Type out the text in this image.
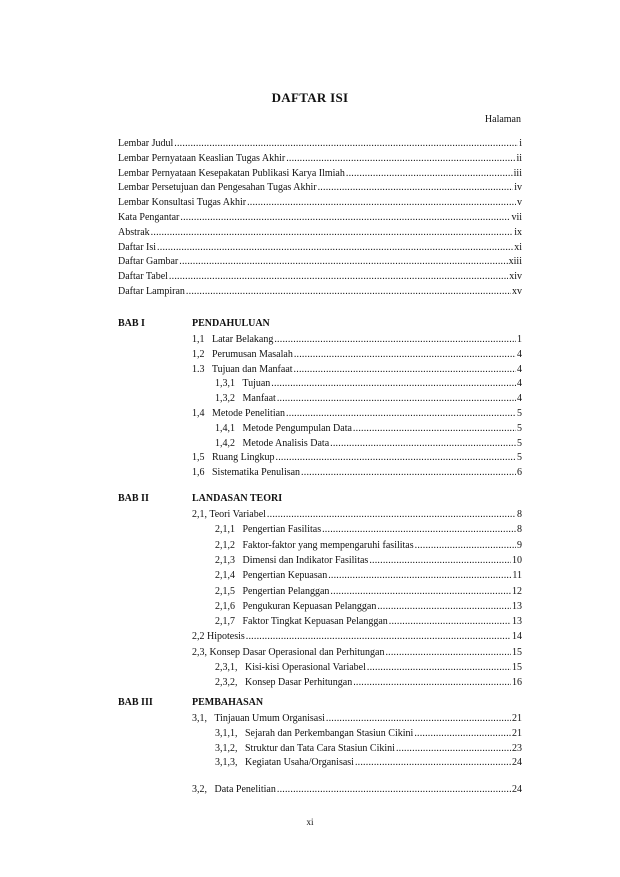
DAFTAR ISI
Halaman
Lembar Judul .....	i
Lembar Pernyataan Keaslian Tugas Akhir .....	ii
Lembar Pernyataan Kesepakatan Publikasi Karya Ilmiah .....	iii
Lembar Persetujuan dan Pengesahan Tugas Akhir .....	iv
Lembar Konsultasi Tugas Akhir .....	v
Kata Pengantar .....	vii
Abstrak .....	ix
Daftar Isi .....	xi
Daftar Gambar .....	xiii
Daftar Tabel .....	xiv
Daftar Lampiran .....	xv
BAB I	PENDAHULUAN
1,1   Latar Belakang .....	1
1,2   Perumusan Masalah .....	4
1.3   Tujuan dan Manfaat .....	4
1,3,1   Tujuan .....	4
1,3,2   Manfaat .....	4
1,4   Metode Penelitian .....	5
1,4,1   Metode Pengumpulan Data .....	5
1,4,2   Metode Analisis Data .....	5
1,5   Ruang Lingkup .....	5
1,6   Sistematika Penulisan .....	6
BAB II	LANDASAN TEORI
2,1, Teori Variabel .....	8
2,1,1   Pengertian Fasilitas .....	8
2,1,2   Faktor-faktor yang mempengaruhi fasilitas .....	9
2,1,3   Dimensi dan Indikator Fasilitas .....	10
2,1,4   Pengertian Kepuasan .....	11
2,1,5   Pengertian Pelanggan .....	12
2,1,6   Pengukuran Kepuasan Pelanggan .....	13
2,1,7   Faktor Tingkat Kepuasan Pelanggan .....	13
2,2 Hipotesis .....	14
2,3, Konsep Dasar Operasional dan Perhitungan .....	15
2,3,1,   Kisi-kisi Operasional Variabel .....	15
2,3,2,   Konsep Dasar Perhitungan .....	16
BAB III	PEMBAHASAN
3,1,   Tinjauan Umum Organisasi .....	21
3,1,1,   Sejarah dan Perkembangan Stasiun Cikini .....	21
3,1,2,   Struktur dan Tata Cara Stasiun Cikini .....	23
3,1,3,   Kegiatan Usaha/Organisasi .....	24
3,2,   Data Penelitian .....	24
xi
